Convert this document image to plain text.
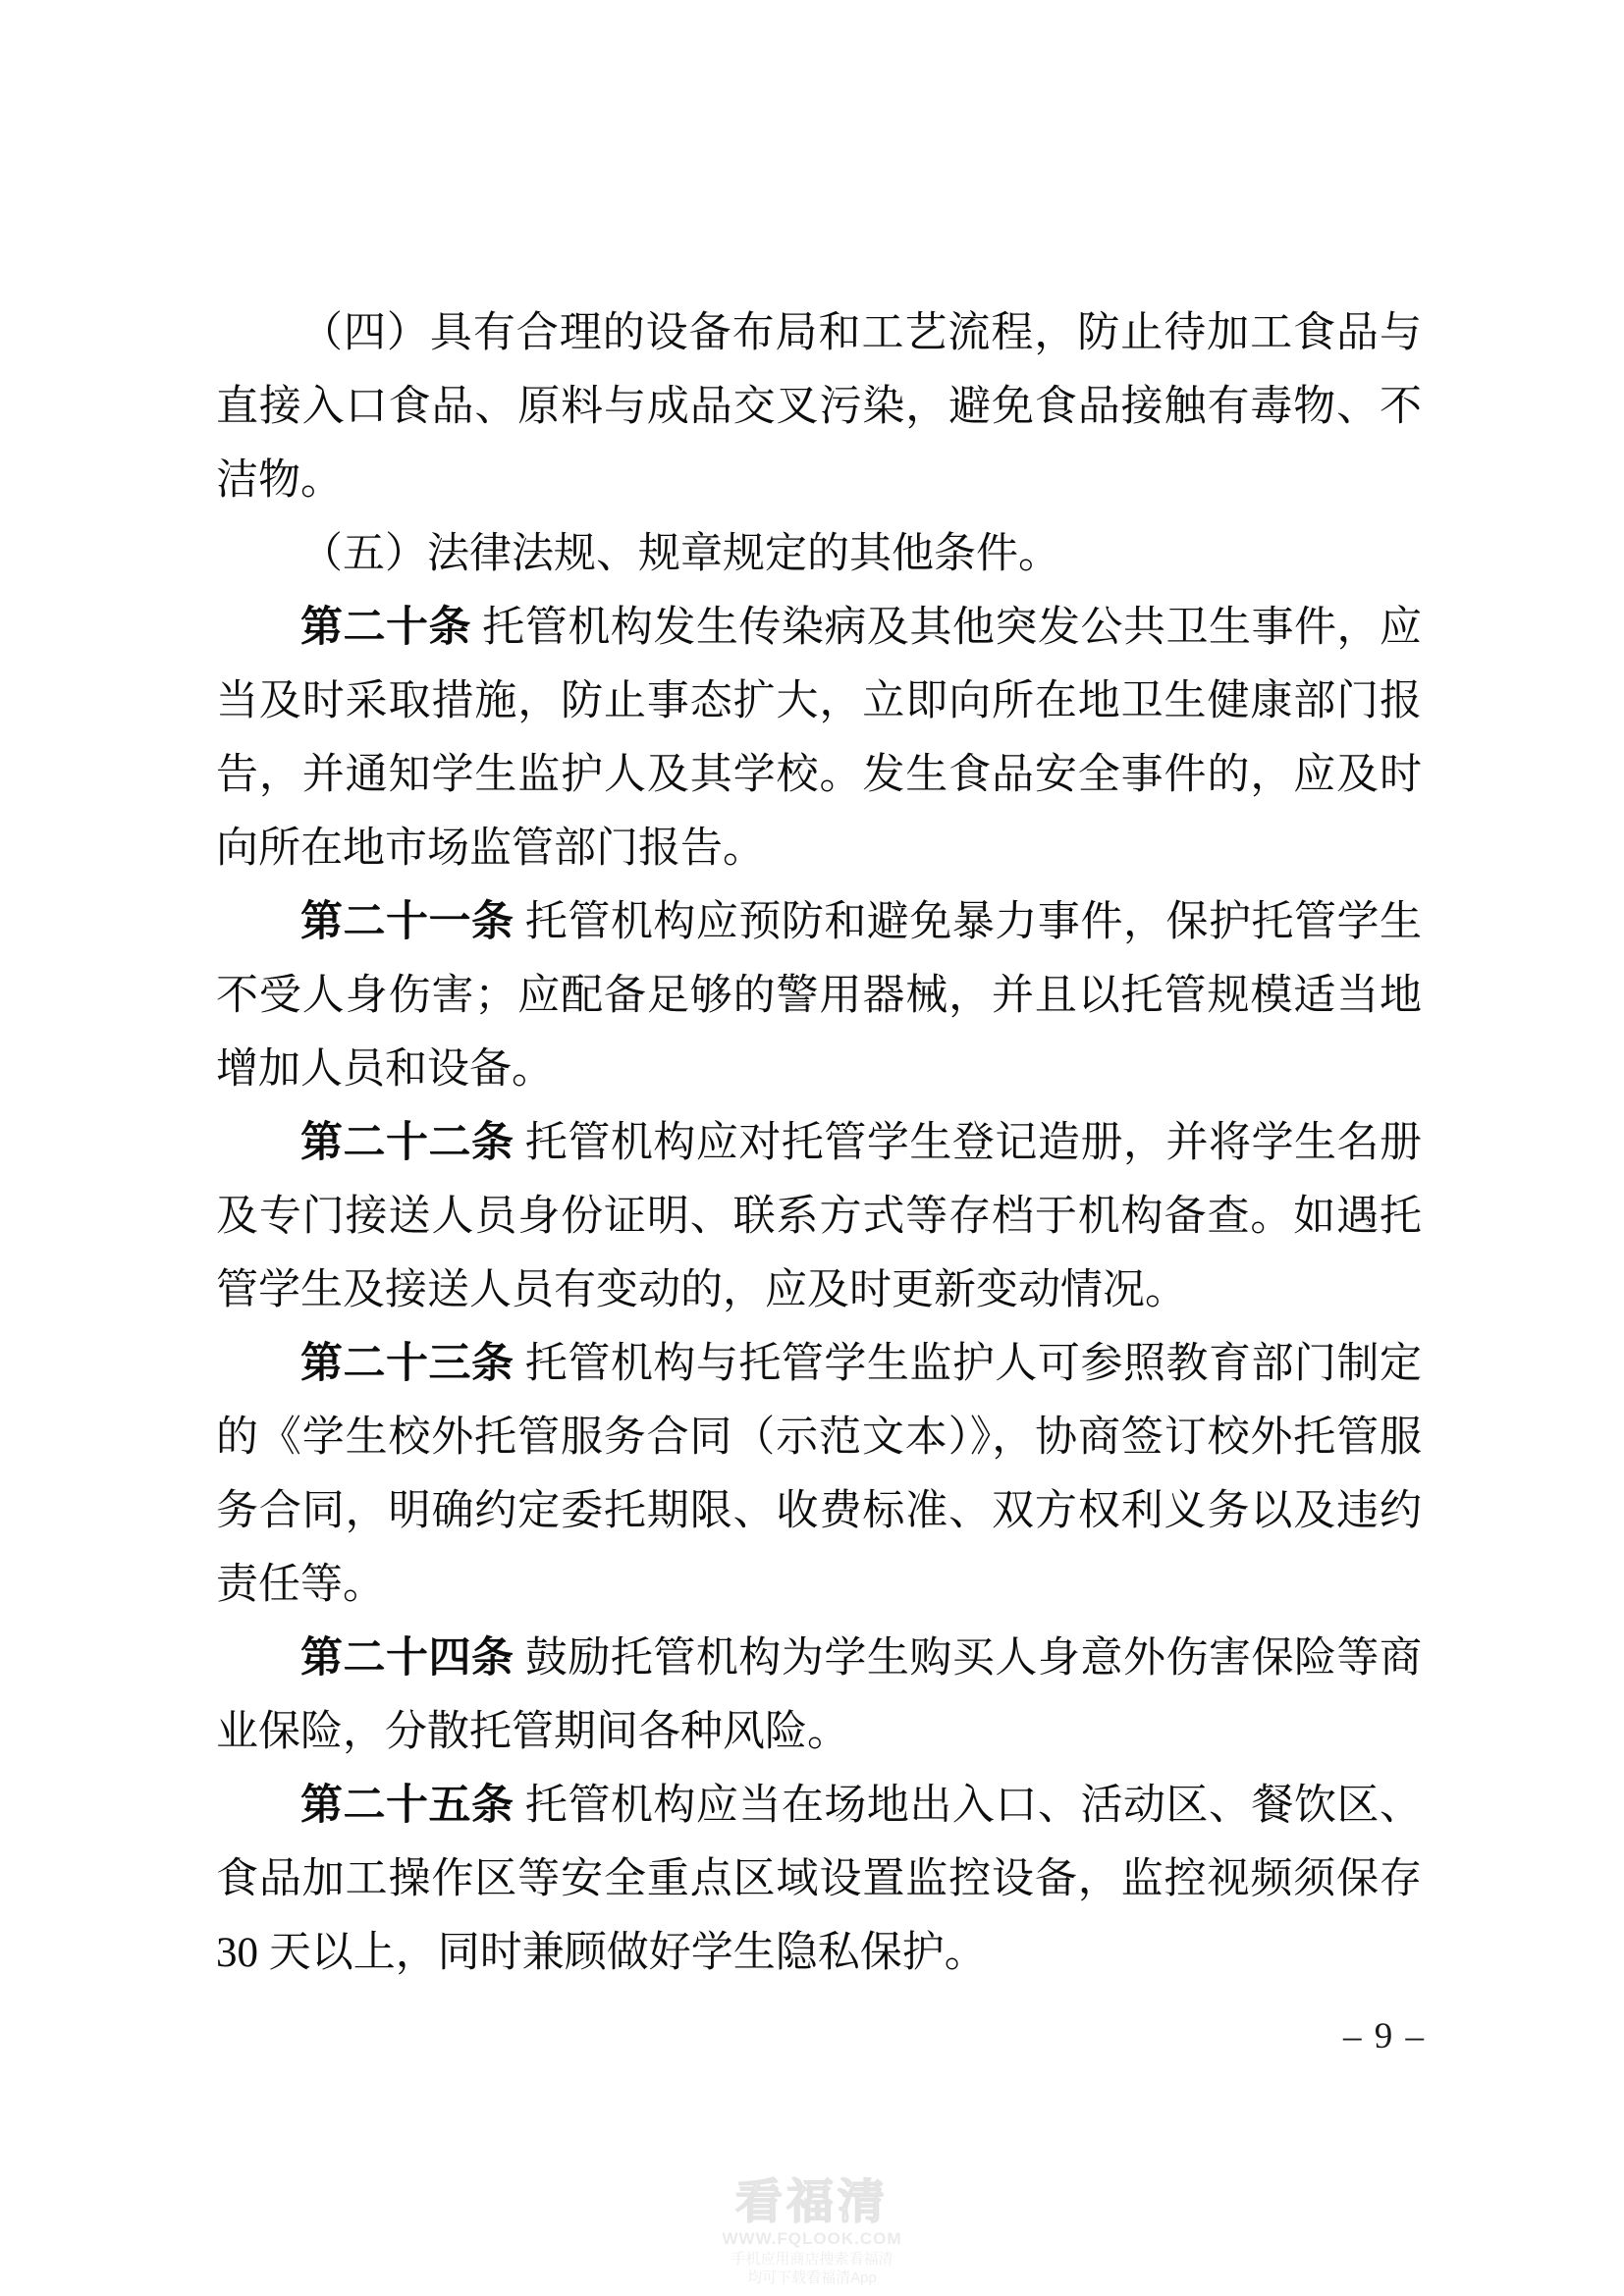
（四）具有合理的设备布局和工艺流程，防止待加工食品与直接入口食品、原料与成品交叉污染，避免食品接触有毒物、不洁物。

（五）法律法规、规章规定的其他条件。

第二十条 托管机构发生传染病及其他突发公共卫生事件，应当及时采取措施，防止事态扩大，立即向所在地卫生健康部门报告，并通知学生监护人及其学校。发生食品安全事件的，应及时向所在地市场监管部门报告。

第二十一条 托管机构应预防和避免暴力事件，保护托管学生不受人身伤害；应配备足够的警用器械，并且以托管规模适当地增加人员和设备。

第二十二条 托管机构应对托管学生登记造册，并将学生名册及专门接送人员身份证明、联系方式等存档于机构备查。如遇托管学生及接送人员有变动的，应及时更新变动情况。

第二十三条 托管机构与托管学生监护人可参照教育部门制定的《学生校外托管服务合同（示范文本）》，协商签订校外托管服务合同，明确约定委托期限、收费标准、双方权利义务以及违约责任等。

第二十四条 鼓励托管机构为学生购买人身意外伤害保险等商业保险，分散托管期间各种风险。

第二十五条 托管机构应当在场地出入口、活动区、餐饮区、食品加工操作区等安全重点区域设置监控设备，监控视频须保存30 天以上，同时兼顾做好学生隐私保护。

– 9 –
看福清
WWW.FQLOOK.COM
手机应用商店搜索看福清
均可下载看福清App
